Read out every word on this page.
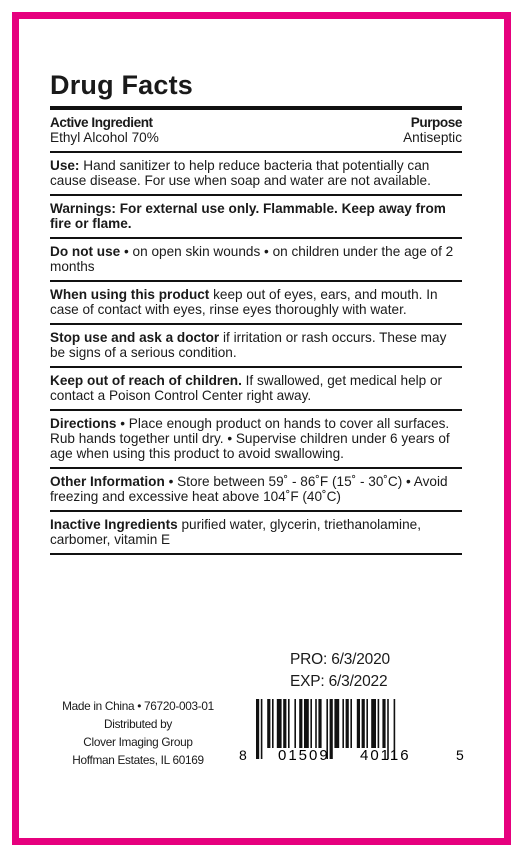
Drug Facts
Active Ingredient	Purpose
Ethyl Alcohol 70%	Antiseptic
Use: Hand sanitizer to help reduce bacteria that potentially can cause disease. For use when soap and water are not available.
Warnings: For external use only. Flammable. Keep away from fire or flame.
Do not use • on open skin wounds • on children under the age of 2 months
When using this product keep out of eyes, ears, and mouth. In case of contact with eyes, rinse eyes thoroughly with water.
Stop use and ask a doctor if irritation or rash occurs. These may be signs of a serious condition.
Keep out of reach of children. If swallowed, get medical help or contact a Poison Control Center right away.
Directions • Place enough product on hands to cover all surfaces. Rub hands together until dry. • Supervise children under 6 years of age when using this product to avoid swallowing.
Other Information • Store between 59˚ - 86˚F (15˚ - 30˚C) • Avoid freezing and excessive heat above 104˚F (40˚C)
Inactive Ingredients purified water, glycerin, triethanolamine, carbomer, vitamin E
PRO: 6/3/2020
EXP: 6/3/2022
Made in China • 76720-003-01
Distributed by
Clover Imaging Group
Hoffman Estates, IL 60169	8 01509 40116	5
